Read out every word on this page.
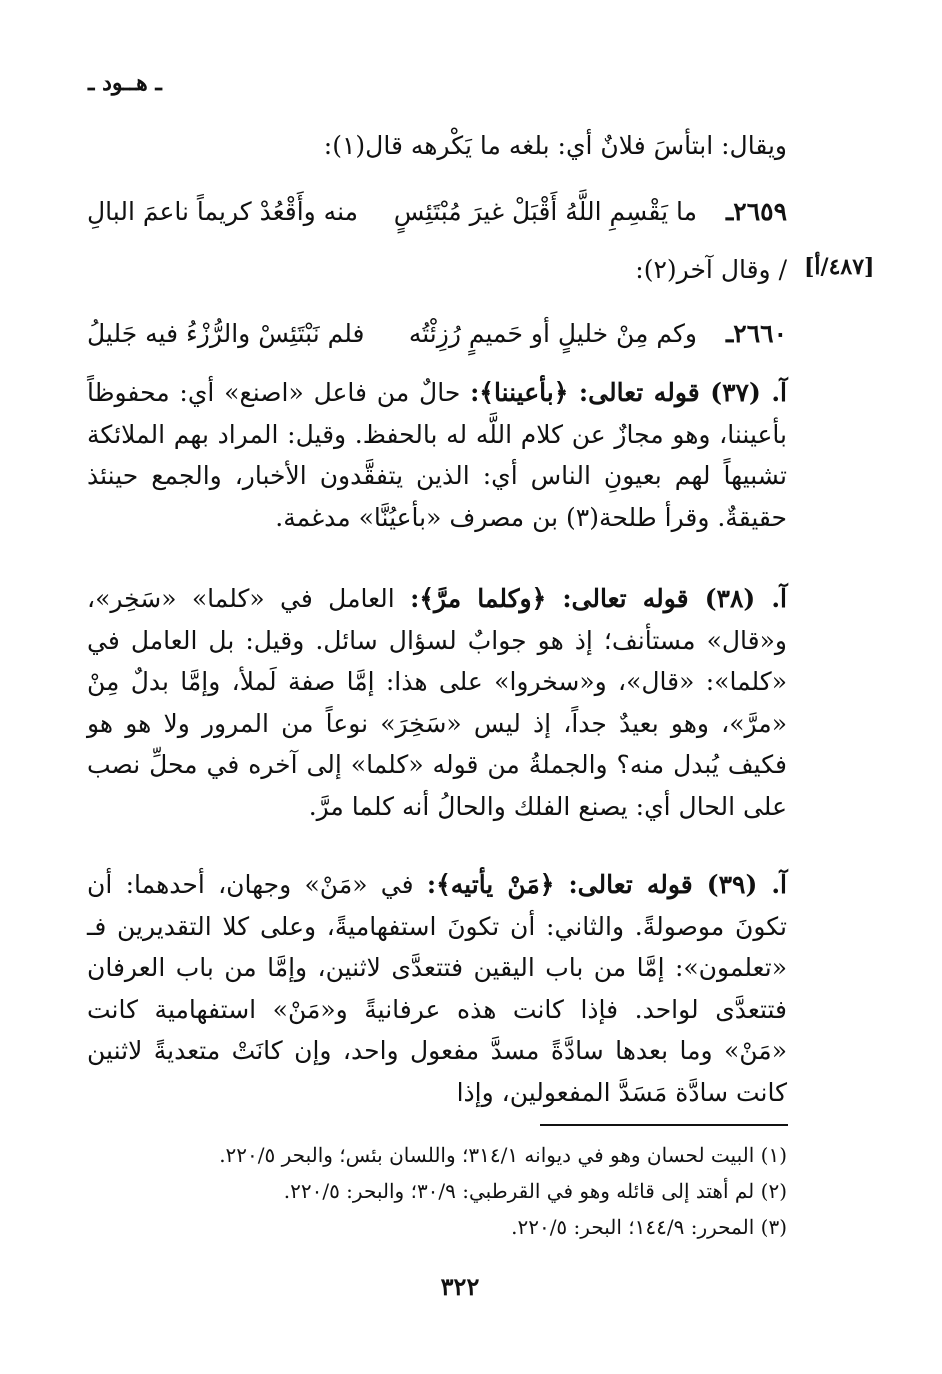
ـ هــود ـ
ويقال: ابتأسَ فلانٌ أي: بلغه ما يَكْرهه قال(١):
٢٦٥٩ـ
ما يَقْسِمِ اللَّهُ أَقْبَلْ غيرَ مُبْتَئِسٍ
منه وأَقْعُدْ كريماً ناعمَ البالِ
/ وقال آخر(٢): [٤٨٧/أ]
٢٦٦٠ـ
وكم مِنْ خليلٍ أو حَميمٍ رُزِئْتُه
فلم نَبْتَئِسْ والرُّزْءُ فيه جَليلُ
آ. (٣٧) قوله تعالى: ﴿بأعيننا﴾: حالٌ من فاعل «اصنع» أي: محفوظاً بأعيننا، وهو مجازٌ عن كلام اللَّه له بالحفظ. وقيل: المراد بهم الملائكة تشبيهاً لهم بعيونِ الناس أي: الذين يتفقَّدون الأخبار، والجمع حينئذ حقيقةٌ. وقرأ طلحة(٣) بن مصرف «بأعيُنَّا» مدغمة.
آ. (٣٨) قوله تعالى: ﴿وكلما مرَّ﴾: العامل في «كلما» «سَخِر»، و«قال» مستأنف؛ إذ هو جوابٌ لسؤال سائل. وقيل: بل العامل في «كلما»: «قال»، و«سخروا» على هذا: إمَّا صفة لَملأ، وإمَّا بدلٌ مِنْ «مرَّ»، وهو بعيدٌ جداً، إذ ليس «سَخِرَ» نوعاً من المرور ولا هو هو فكيف يُبدل منه؟ والجملةُ من قوله «كلما» إلى آخره في محلِّ نصب على الحال أي: يصنع الفلك والحالُ أنه كلما مرَّ.
آ. (٣٩) قوله تعالى: ﴿مَنْ يأتيه﴾: في «مَنْ» وجهان، أحدهما: أن تكونَ موصولةً. والثاني: أن تكونَ استفهاميةً، وعلى كلا التقديرين فـ «تعلمون»: إمَّا من باب اليقين فتتعدَّى لاثنين، وإمَّا من باب العرفان فتتعدَّى لواحد. فإذا كانت هذه عرفانيةً و«مَنْ» استفهامية كانت «مَنْ» وما بعدها سادَّةً مسدَّ مفعول واحد، وإن كانَتْ متعديةً لاثنين كانت سادَّة مَسَدَّ المفعولين، وإذا
(١) البيت لحسان وهو في ديوانه ٣١٤/١؛ واللسان بئس؛ والبحر ٢٢٠/٥.
(٢) لم أهتد إلى قائله وهو في القرطبي: ٣٠/٩؛ والبحر: ٢٢٠/٥.
(٣) المحرر: ١٤٤/٩؛ البحر: ٢٢٠/٥.
٣٢٢
